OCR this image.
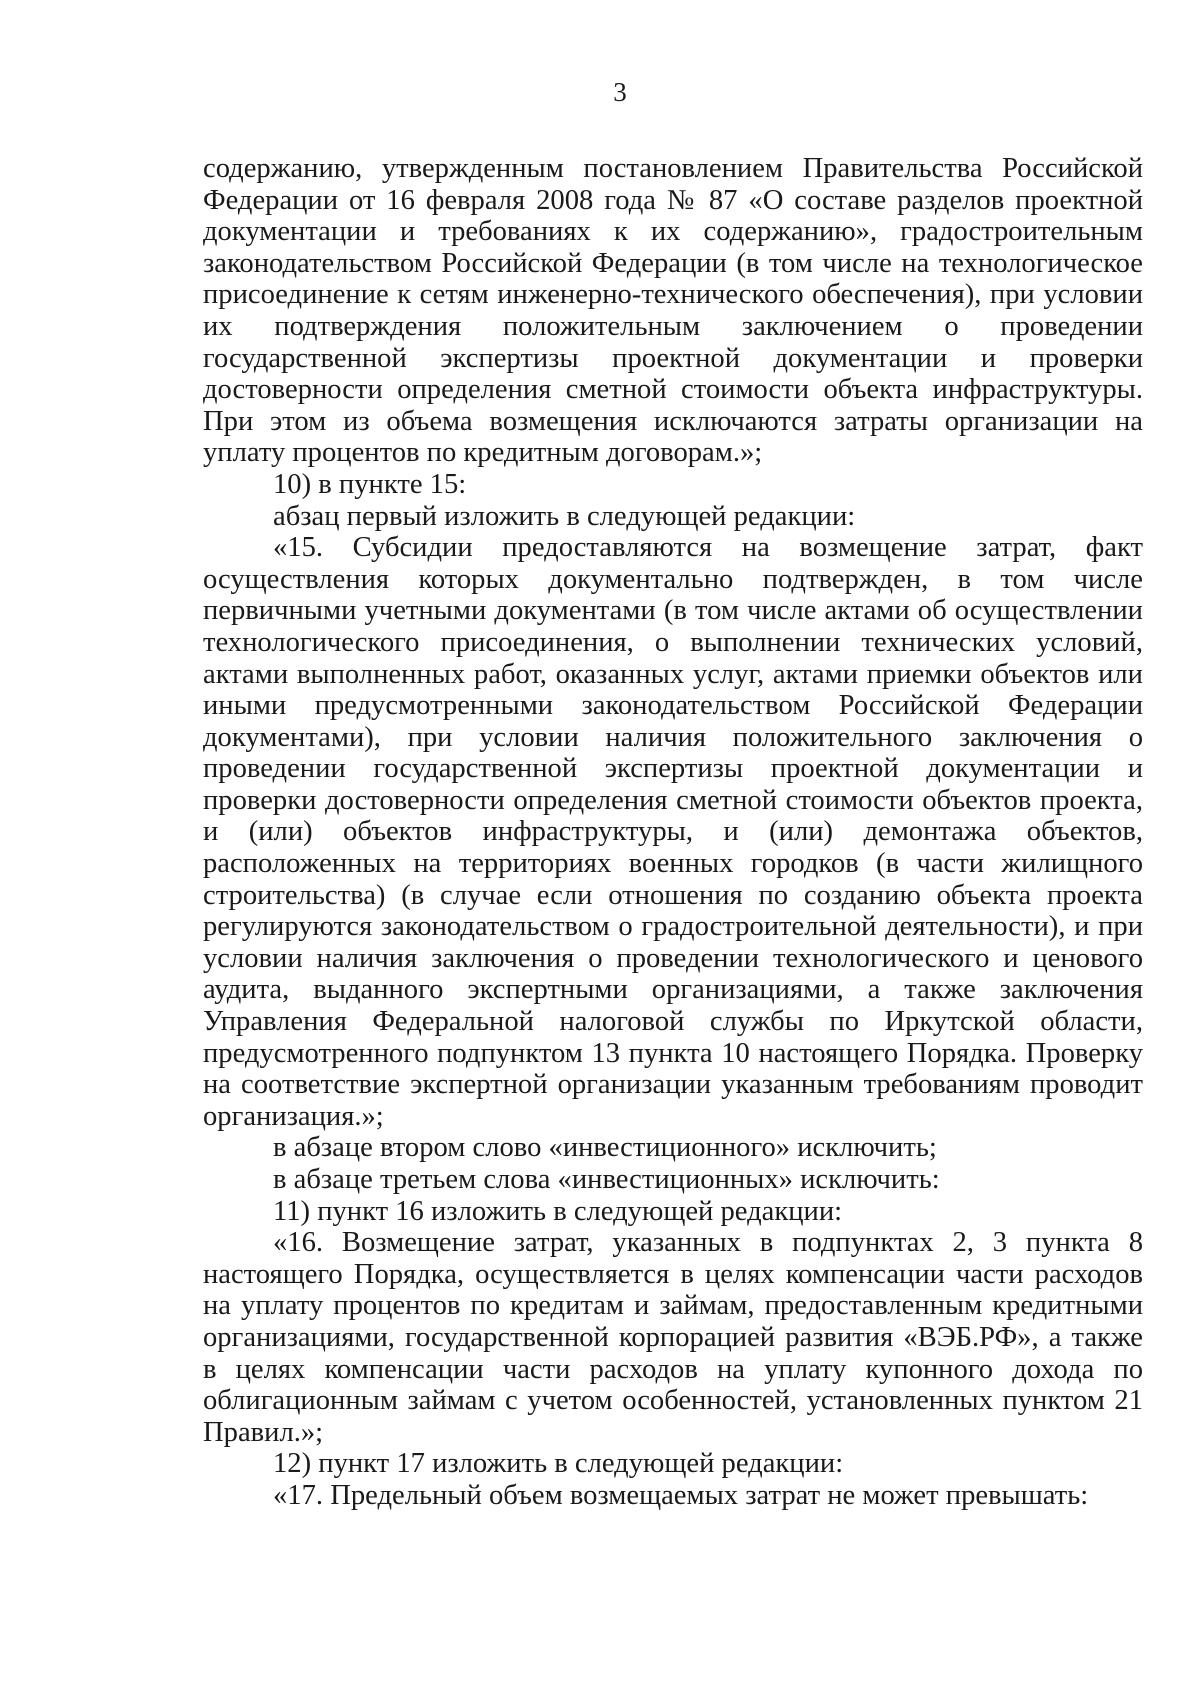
3

содержанию, утвержденным постановлением Правительства Российской Федерации от 16 февраля 2008 года № 87 «О составе разделов проектной документации и требованиях к их содержанию», градостроительным законодательством Российской Федерации (в том числе на технологическое присоединение к сетям инженерно-технического обеспечения), при условии их подтверждения положительным заключением о проведении государственной экспертизы проектной документации и проверки достоверности определения сметной стоимости объекта инфраструктуры. При этом из объема возмещения исключаются затраты организации на уплату процентов по кредитным договорам.»;

10) в пункте 15:

абзац первый изложить в следующей редакции:

«15. Субсидии предоставляются на возмещение затрат, факт осуществления которых документально подтвержден, в том числе первичными учетными документами (в том числе актами об осуществлении технологического присоединения, о выполнении технических условий, актами выполненных работ, оказанных услуг, актами приемки объектов или иными предусмотренными законодательством Российской Федерации документами), при условии наличия положительного заключения о проведении государственной экспертизы проектной документации и проверки достоверности определения сметной стоимости объектов проекта, и (или) объектов инфраструктуры, и (или) демонтажа объектов, расположенных на территориях военных городков (в части жилищного строительства) (в случае если отношения по созданию объекта проекта регулируются законодательством о градостроительной деятельности), и при условии наличия заключения о проведении технологического и ценового аудита, выданного экспертными организациями, а также заключения Управления Федеральной налоговой службы по Иркутской области, предусмотренного подпунктом 13 пункта 10 настоящего Порядка. Проверку на соответствие экспертной организации указанным требованиям проводит организация.»;

в абзаце втором слово «инвестиционного» исключить;

в абзаце третьем слова «инвестиционных» исключить:

11) пункт 16 изложить в следующей редакции:

«16. Возмещение затрат, указанных в подпунктах 2, 3 пункта 8 настоящего Порядка, осуществляется в целях компенсации части расходов на уплату процентов по кредитам и займам, предоставленным кредитными организациями, государственной корпорацией развития «ВЭБ.РФ», а также в целях компенсации части расходов на уплату купонного дохода по облигационным займам с учетом особенностей, установленных пунктом 21 Правил.»;

12) пункт 17 изложить в следующей редакции:

«17. Предельный объем возмещаемых затрат не может превышать:
